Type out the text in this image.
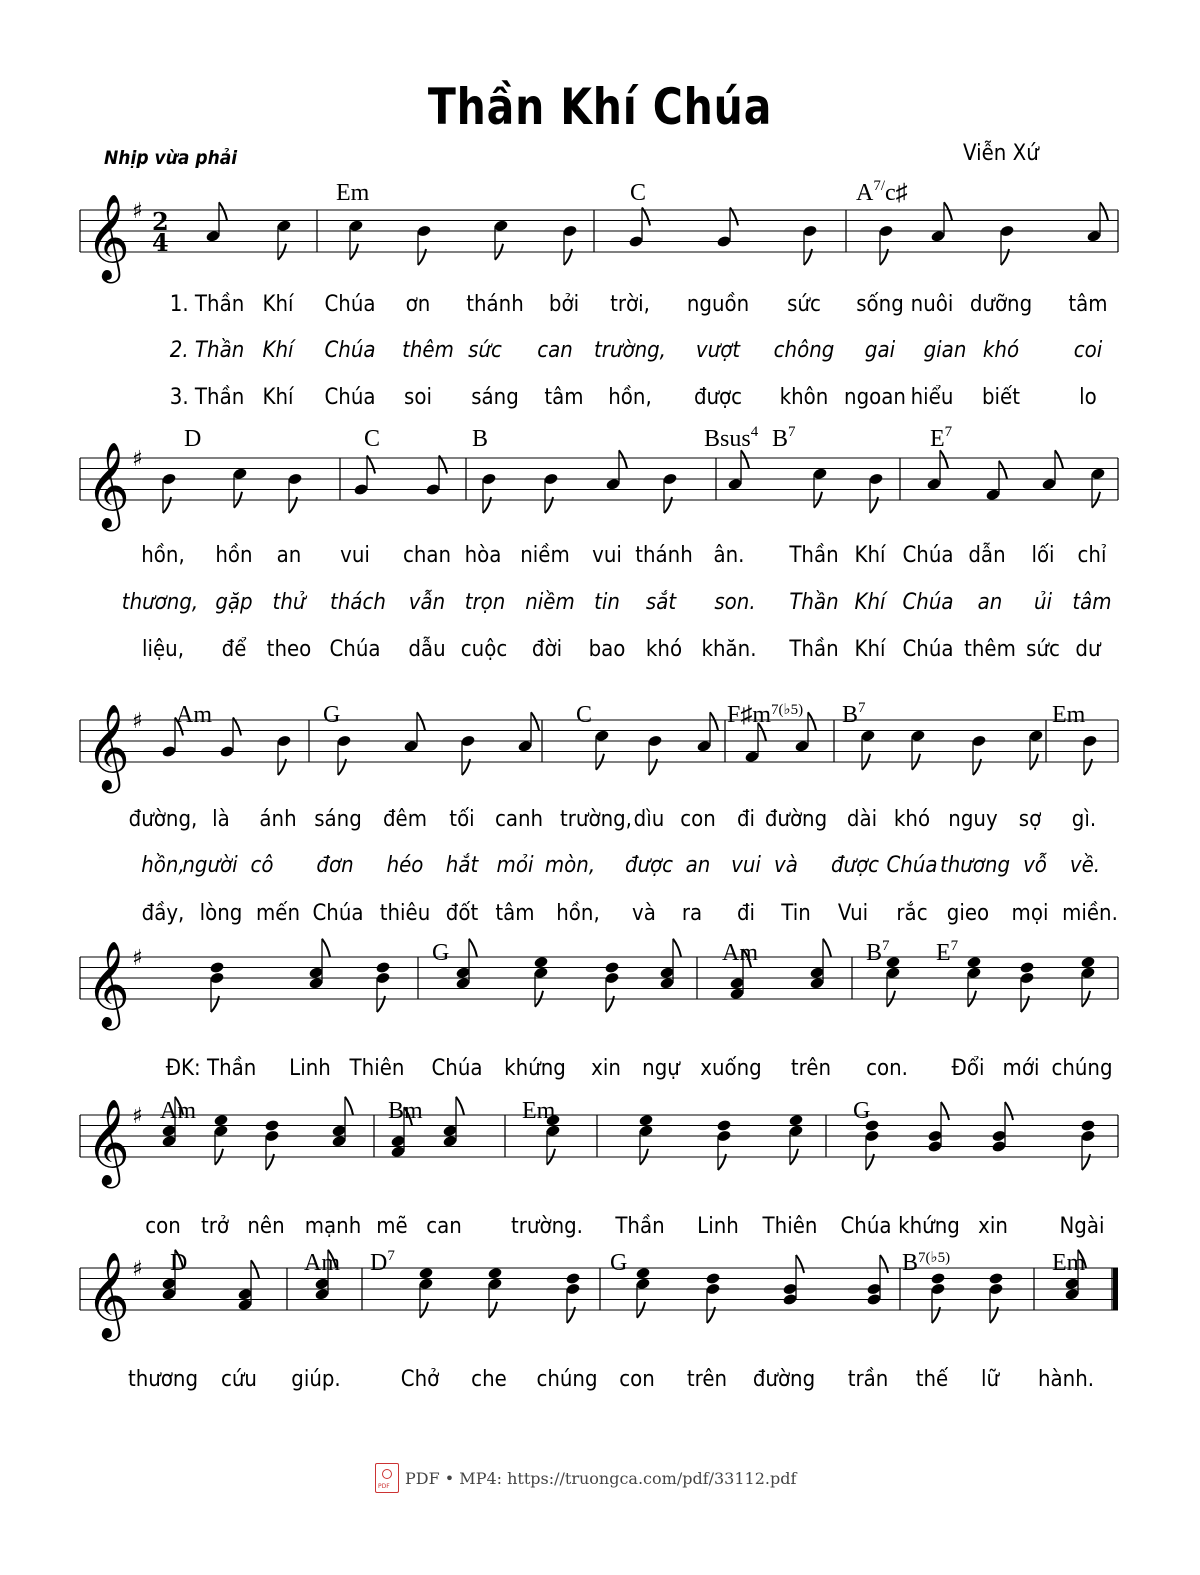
Thần Khí Chúa
Nhịp vừa phải	Viễn Xứ
𝄞 ♯ 2
4
𝄞 ♯
𝄞 ♯
𝄞 ♯
𝄞 ♯
𝄞 ♯
Em	C	$A^{7/}c♯$
1. Thần Khí	Chúa	ơn	thánh	bởi	trời,	nguồn	sức	sống nuôi dưỡng	tâm
2. Thần Khí	Chúa	thêm sức	can trường,	vượt	chông	gai	gian khó	coi
3. Thần Khí	Chúa	soi	sáng	tâm	hồn,	được	khôn ngoan hiểu	biết	lo
D	C	B	Bsus$^4$ $B^7$	$E^7$
hồn,	hồn	an	vui	chan hòa niềm	vui thánh ân.	Thần Khí Chúa dẫn	lối	chỉ
thương, gặp thử	thách	vẫn trọn niềm tin	sắt	son.	Thần Khí Chúa	an	ủi tâm
liệu,	để theo Chúa	dẫu cuộc	đời	bao khó khăn.	Thần Khí Chúa thêm sức dư
Am	G	C	$F♯m^{7(♭5)}$ $B^7$	Em
đường, là	ánh sáng đêm	tối canh trường, dìu con đi đường dài khó nguy sợ	gì.
hồn,
người cô	đơn	héo	hắt mỏi mòn,	được an vui và	được Chúa thương vỗ	về.
đầy, lòng mến Chúa thiêu đốt tâm hồn,	và	ra	đi	Tin	Vui	rắc gieo	mọi miền.
G	Am	$B^7$ $E^7$
ĐK: Thần	Linh Thiên	Chúa khứng	xin ngự xuống	trên	con.	Đổi mới chúng
Am	Bm	Em	G
con trở nên mạnh mẽ can	trường.	Thần	Linh	Thiên	Chúa khứng xin	Ngài
D	Am $D^7$	G	$B^{7(♭5)}$	Em
thương	cứu	giúp.	Chở	che	chúng con	trên	đường	trần	thế	lữ	hành.
PDF
PDF • MP4: https://truongca.com/pdf/33112.pdf
